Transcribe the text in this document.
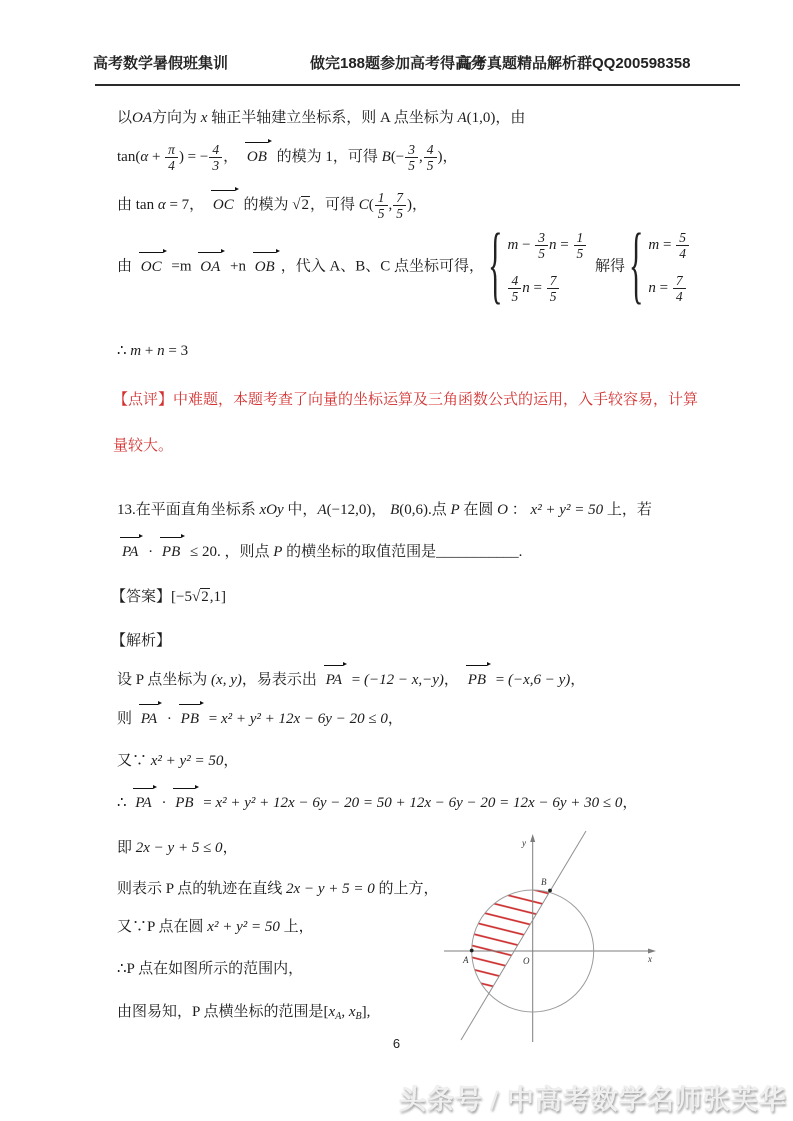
高考数学暑假班集训	做完188题参加高考得高分
高考真题精品解析群QQ200598358
以OA方向为 x 轴正半轴建立坐标系，则 A 点坐标为 A(1,0)，由
$\tan(\alpha + \frac{\pi}{4}$ ) = − $\frac{4}{3}$ ， OB 的模为 1，可得 $B(- \frac{3}{5}$ , $\frac{4}{5}$ )，
由 tan α = 7， OC 的模为 √ 2，可得 $C( \frac{1}{5}$ , $\frac{7}{5}$ )，
由 OC =m OA +n OB ，代入 A、B、C 点坐标可得， { $m - \frac{3}{5}$ $n = \frac{1}{5}$
$\frac{4}{5}$ $n = \frac{7}{5}$
解得 { $m = \frac{5}{4}$
$n = \frac{7}{4}$
∴ m + n = 3
【点评】中难题，本题考查了向量的坐标运算及三角函数公式的运用，入手较容易，计算量较大。
13.在平面直角坐标系 xOy 中，A(−12,0)， B(0,6).点 P 在圆 O ： x² + y² = 50 上，若
PA · PB ≤ 20. ，则点 P 的横坐标的取值范围是___________.
【答案】[−5 √ 2,1]
【解析】
设 P 点坐标为 (x, y)，易表示出 PA = (−12 − x,−y)， PB = (−x,6 − y)，
则 PA · PB = x² + y² + 12x − 6y − 20 ≤ 0，
又∵ x² + y² = 50，
∴ PA · PB = x² + y² + 12x − 6y − 20 = 50 + 12x − 6y − 20 = 12x − 6y + 30 ≤ 0，
即 2x − y + 5 ≤ 0，
则表示 P 点的轨迹在直线 2x − y + 5 = 0 的上方，
又∵P 点在圆 x² + y² = 50 上，
∴P 点在如图所示的范围内，
由图易知，P 点横坐标的范围是[$x_A$, $x_B$],
x
y
O
A
B
6
头条号 / 中高考数学名师张芙华
